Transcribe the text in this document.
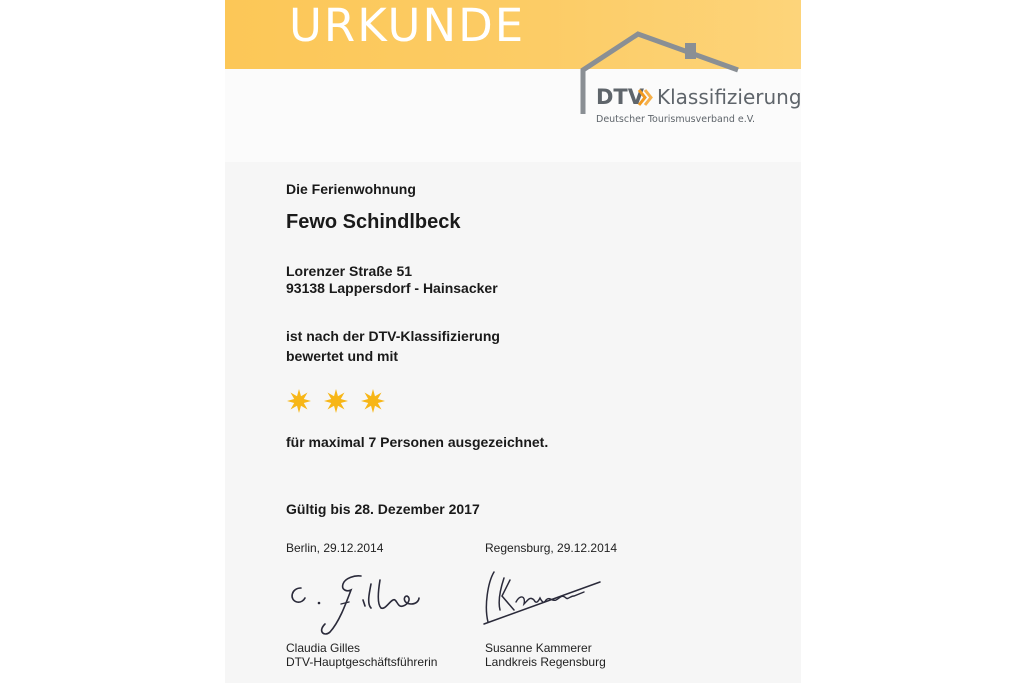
URKUNDE
DTV Klassifizierung
Deutscher Tourismusverband e.V.
Die Ferienwohnung
Fewo Schindlbeck
Lorenzer Straße 51
93138 Lappersdorf - Hainsacker
ist nach der DTV-Klassifizierung
bewertet und mit
für maximal 7 Personen ausgezeichnet.
Gültig bis 28. Dezember 2017
Berlin, 29.12.2014	Regensburg, 29.12.2014
Claudia Gilles
DTV-Hauptgeschäftsführerin
Susanne Kammerer
Landkreis Regensburg
